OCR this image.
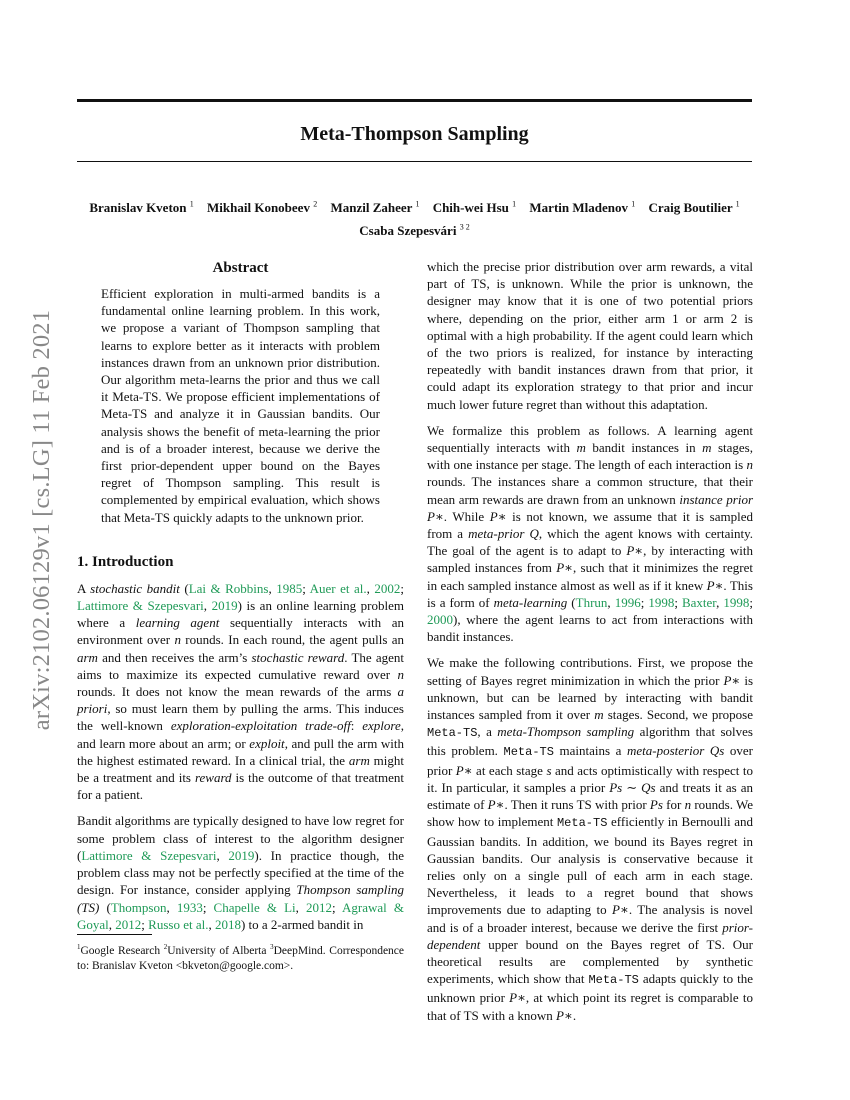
Meta-Thompson Sampling
Branislav Kveton $^1$ Mikhail Konobeev $^2$ Manzil Zaheer $^1$ Chih-wei Hsu $^1$ Martin Mladenov $^1$ Craig Boutilier $^1$
Csaba Szepesvári $^{3 2}$
arXiv:2102.06129v1 [cs.LG] 11 Feb 2021
Abstract
Efficient exploration in multi-armed bandits is a fundamental online learning problem. In this work, we propose a variant of Thompson sampling that learns to explore better as it interacts with problem instances drawn from an unknown prior distribution. Our algorithm meta-learns the prior and thus we call it Meta-TS. We propose efficient implementations of Meta-TS and analyze it in Gaussian bandits. Our analysis shows the benefit of meta-learning the prior and is of a broader interest, because we derive the first prior-dependent upper bound on the Bayes regret of Thompson sampling. This result is complemented by empirical evaluation, which shows that Meta-TS quickly adapts to the unknown prior.
1. Introduction

A stochastic bandit (Lai & Robbins, 1985; Auer et al., 2002; Lattimore & Szepesvari, 2019) is an online learning problem where a learning agent sequentially interacts with an environment over n rounds. In each round, the agent pulls an arm and then receives the arm’s stochastic reward. The agent aims to maximize its expected cumulative reward over n rounds. It does not know the mean rewards of the arms a priori, so must learn them by pulling the arms. This induces the well-known exploration-exploitation trade-off: explore, and learn more about an arm; or exploit, and pull the arm with the highest estimated reward. In a clinical trial, the arm might be a treatment and its reward is the outcome of that treatment for a patient.

Bandit algorithms are typically designed to have low regret for some problem class of interest to the algorithm designer (Lattimore & Szepesvari, 2019). In practice though, the problem class may not be perfectly specified at the time of the design. For instance, consider applying Thompson sampling (TS) (Thompson, 1933; Chapelle & Li, 2012; Agrawal & Goyal, 2012; Russo et al., 2018) to a 2-armed bandit in

$^1$Google Research $^2$University of Alberta $^3$DeepMind. Correspondence to: Branislav Kveton <bkveton@google.com>.

which the precise prior distribution over arm rewards, a vital part of TS, is unknown. While the prior is unknown, the designer may know that it is one of two potential priors where, depending on the prior, either arm 1 or arm 2 is optimal with a high probability. If the agent could learn which of the two priors is realized, for instance by interacting repeatedly with bandit instances drawn from that prior, it could adapt its exploration strategy to that prior and incur much lower future regret than without this adaptation.

We formalize this problem as follows. A learning agent sequentially interacts with m bandit instances in m stages, with one instance per stage. The length of each interaction is n rounds. The instances share a common structure, that their mean arm rewards are drawn from an unknown instance prior P∗. While P∗ is not known, we assume that it is sampled from a meta-prior Q, which the agent knows with certainty. The goal of the agent is to adapt to P∗, by interacting with sampled instances from P∗, such that it minimizes the regret in each sampled instance almost as well as if it knew P∗. This is a form of meta-learning (Thrun, 1996; 1998; Baxter, 1998; 2000), where the agent learns to act from interactions with bandit instances.

We make the following contributions. First, we propose the setting of Bayes regret minimization in which the prior P∗ is unknown, but can be learned by interacting with bandit instances sampled from it over m stages. Second, we propose Meta-TS, a meta-Thompson sampling algorithm that solves this problem. Meta-TS maintains a meta-posterior Qs over prior P∗ at each stage s and acts optimistically with respect to it. In particular, it samples a prior Ps ∼ Qs and treats it as an estimate of P∗. Then it runs TS with prior Ps for n rounds. We show how to implement Meta-TS efficiently in Bernoulli and Gaussian bandits. In addition, we bound its Bayes regret in Gaussian bandits. Our analysis is conservative because it relies only on a single pull of each arm in each stage. Nevertheless, it leads to a regret bound that shows improvements due to adapting to P∗. The analysis is novel and is of a broader interest, because we derive the first prior-dependent upper bound on the Bayes regret of TS. Our theoretical results are complemented by synthetic experiments, which show that Meta-TS adapts quickly to the unknown prior P∗, at which point its regret is comparable to that of TS with a known P∗.
